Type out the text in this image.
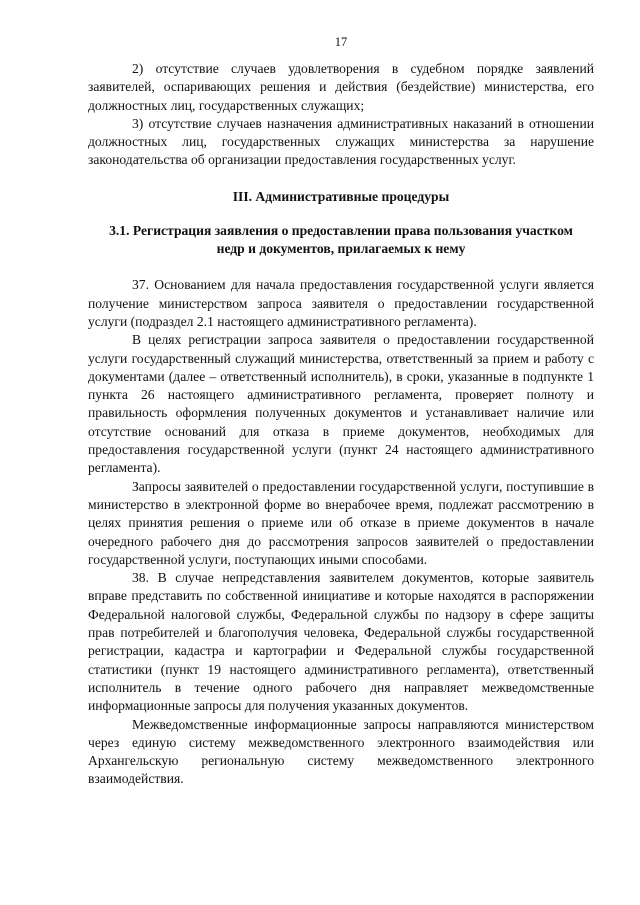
17

2) отсутствие случаев удовлетворения в судебном порядке заявлений заявителей, оспаривающих решения и действия (бездействие) министерства, его должностных лиц, государственных служащих;

3) отсутствие случаев назначения административных наказаний в отношении должностных лиц, государственных служащих министерства за нарушение законодательства об организации предоставления государственных услуг.

III. Административные процедуры
3.1. Регистрация заявления о предоставлении права пользования участком недр и документов, прилагаемых к нему

37. Основанием для начала предоставления государственной услуги является получение министерством запроса заявителя о предоставлении государственной услуги (подраздел 2.1 настоящего административного регламента).

В целях регистрации запроса заявителя о предоставлении государственной услуги государственный служащий министерства, ответственный за прием и работу с документами (далее – ответственный исполнитель), в сроки, указанные в подпункте 1 пункта 26 настоящего административного регламента, проверяет полноту и правильность оформления полученных документов и устанавливает наличие или отсутствие оснований для отказа в приеме документов, необходимых для предоставления государственной услуги (пункт 24 настоящего административного регламента).

Запросы заявителей о предоставлении государственной услуги, поступившие в министерство в электронной форме во внерабочее время, подлежат рассмотрению в целях принятия решения о приеме или об отказе в приеме документов в начале очередного рабочего дня до рассмотрения запросов заявителей о предоставлении государственной услуги, поступающих иными способами.

38. В случае непредставления заявителем документов, которые заявитель вправе представить по собственной инициативе и которые находятся в распоряжении Федеральной налоговой службы, Федеральной службы по надзору в сфере защиты прав потребителей и благополучия человека, Федеральной службы государственной регистрации, кадастра и картографии и Федеральной службы государственной статистики (пункт 19 настоящего административного регламента), ответственный исполнитель в течение одного рабочего дня направляет межведомственные информационные запросы для получения указанных документов.

Межведомственные информационные запросы направляются министерством через единую систему межведомственного электронного взаимодействия или Архангельскую региональную систему межведомственного электронного взаимодействия.
